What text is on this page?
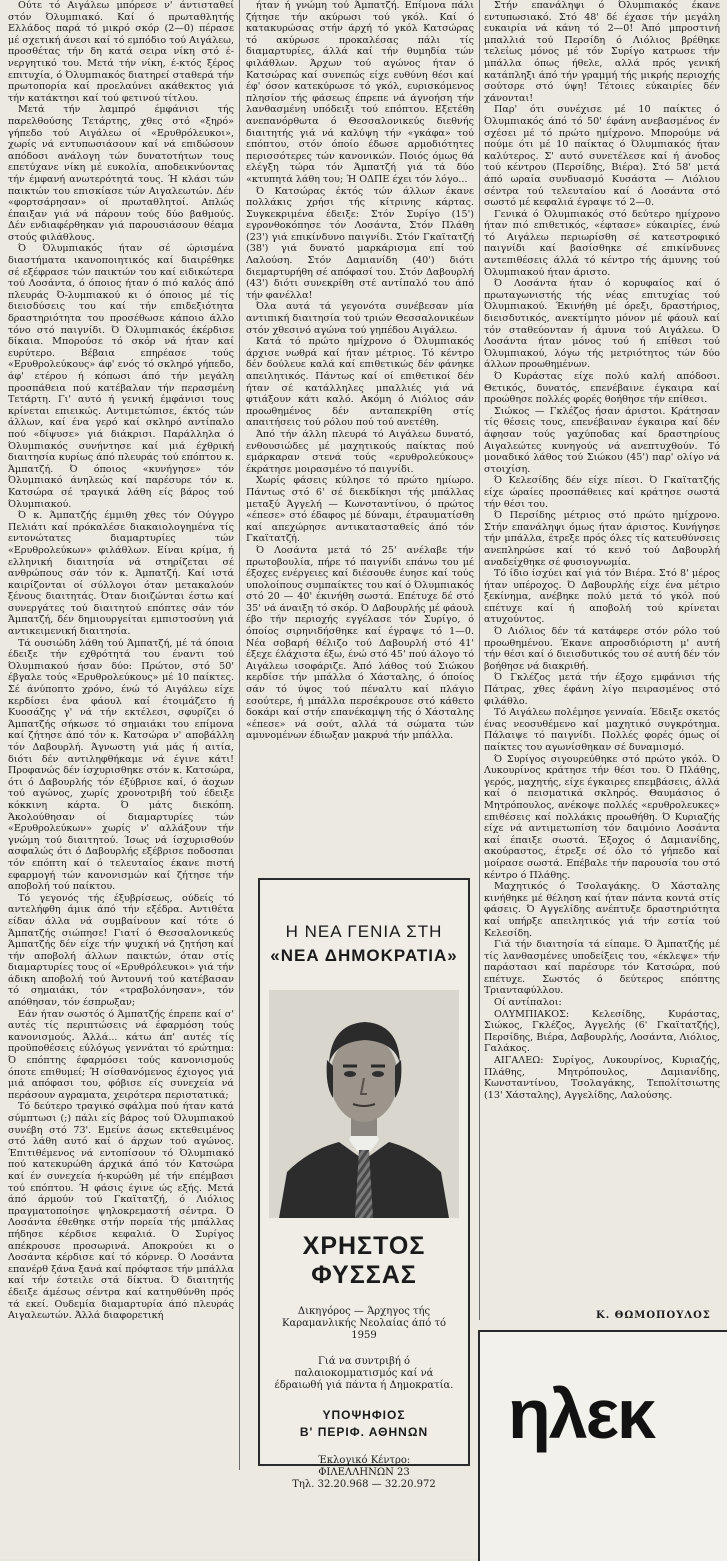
Ούτε τό Αιγάλεω μπόρεσε ν' άντισταθεί στόν Όλυμπιακό. Καί ό πρωταθλητής Ελλάδος παρά τό μικρό σκόρ (2—0) πέρασε μέ σχετική άνεσι καί τό εμπόδιο τού Αιγάλεω, προσθέτας τήν δη κατά σειρα νίκη στό έ-νεργητικό του. Μετά τήν νίκη, έ-κτός ξέρος επιτυχία, ό Όλυμπιακός διατηρεί σταθερά τήν πρωτοπορία καί προελαύνει ακάθεκτος γιά τήν κατάκτησι καί τού φετινού τίτλου.

Μετά τήν λαμπρό έμφάνισι τής παρελθούσης Τετάρτης, χθες στό «ξηρό» γήπεδο τού Αιγάλεω οί «Ερυθρόλευκοι», χωρίς νά εντυπωσιάσουν καί νά επιδώσουν απόδοσι ανάλογη τών δυνατοτήτων τους επετύχανε νίκη μέ ευκολία, αποδεικνύοντας τήν έμφανή ανωτερότητά τους. Ή κλάσι τών παικτών του επισκίασε τών Αιγαλεωτών. Δέν «φορτσάρησαν» οί πρωταθλητοί. Απλώς έπαιξαν γιά νά πάρουν τούς δύο βαθμούς. Δέν ενδιαφέρθηκαν γιά παρουσιάσουν θέαμα στούς φιλάθλους.

Ό Όλυμπιακός ήταν σέ ώρισμένα διαστήματα ικανοποιητικός καί διαιρέθηκε σέ εξέφρασε τών παικτών του καί ειδικώτερα τού Λοσάντα, ό όποιος ήταν ό πιό καλός άπό πλευράς Ό-λυμπιακού κι ό όποιος μέ τίς διεισδύσεις του καί τήν επιδεξιότητα δραστηριότητα του προσέθωσε κάποιο άλλο τόνο στό παιγνίδι. Ό Όλυμπιακός έκέρδισε δίκαια. Μπορούσε τό σκόρ νά ήταν καί ευρύτερο. Βέβαια επηρέασε τούς «Ερυθρολεύκους» άφ' ενός τό σκληρό γήπεδο, άφ' ετέρου ή κόπωσι άπό τήν μεγάλη προσπάθεια πού κατέβαλαν τήν περασμένη Τετάρτη. Γι' αυτό ή γενική έμφάνισι τους κρίνεται επιεικώς. Αντιμετώπισε, έκτός τών άλλων, καί ένα γερό καί σκληρό αντίπαλο πού «δίψυσε» γιά διάκρισι. Παράλληλα ό Όλυμπιακός συνήντησε καί μιά έχθρική διαιτησία κυρίως άπό πλευράς τού επόπτου κ. Άμπατζή. Ό όποιος «κυνήγησε» τόν Όλυμπιακό άνηλεώς καί παρέσυρε τόν κ. Κατσώρα σέ τραγικά λάθη είς βάρος τού Όλυμπιακού.

Ό κ. Άμπατζής έμμιθη χθες τόν Ούγγρο Πελιάτι καί πρόκαλέσε διακαιολογημένα τίς εντονώτατες διαμαρτυρίες τών «Ερυθρολεύκων» φιλάθλων. Είναι κρίμα, ή ελληνική διαιτησία νά στηρίζεται σέ ανθρώπους σάν τόν κ. Άμπατζή. Καί ιστά καιρίζονται οί σύλλογοι όταν μετακαλούν ξένους διαιτητάς. Όταν διοιζώνται έστω καί συνεργάτες τού διαιτητού επόπτες σάν τόν Άμπατζή, δέν δημιουργείται εμπιστοσύνη γιά αντικειμενική διαιτησία.

Τά ουσιώδη λάθη τού Άμπατζή, μέ τά όποια έδειξε τήν εχθρότητά του έναντι τού Όλυμπιακού ήσαν δύο: Πρώτον, στό 50' έβγαλε τούς «Ερυθρολεύκους» μέ 10 παίκτες. Σέ άνύποπτο χρόνο, ένώ τό Αιγάλεω είχε κερδίσει ένα φάουλ καί έτοιμάζετο ή Κυοσάζης γ' νά τήν εκτέλεσι, σφυρίζει ό Άμπατζής σήκωσε τό σημαιάκι του επίμονα καί ζήτησε άπό τόν κ. Κατσώρα ν' αποβάλλη τόν Δαβουρλή. Άγνωστη γιά μάς ή αιτία, διότι δέν αντιληφθήκαμε νά έγινε κάτι! Προφανώς δέν ίσχυρισθηκε στόν κ. Κατσώρα, ότι ό Δαβουρλής τόν έξύβρισε καί, ό άοχων τού αγώνος, χωρίς χρονοτριβή τού έδειξε κόκκινη κάρτα. Ό μάτς διεκόπη. Άκολούθησαν οί διαμαρτυρίες τών «Ερυθρολεύκων» χωρίς ν' αλλάξουν τήν γνώμη τού διαιτητού. Ίσως νά ίσχυρισθούν ασφαλώς ότι ό Δαβουρλής εξέβρισε ποδοσπαι τόν επόπτη καί ό τελευταίος έκανε πιστή εφαρμογή τών κανονισμών καί ζήτησε τήν αποβολή τού παίκτου.

Τό γεγονός τής έξυβρίσεως, ούδείς τό αντελήφθη άμικ άπό τήν εξέδρα. Αντιθέτα είδαν άλλα νά συμβαίνουν καί τότε ό Άμπατζής σιώπησε! Γιατί ό Θεσσαλονικεύς Άμπατζής δέν είχε τήν ψυχική νά ζητήση καί τήν αποβολή άλλων παικτών, όταν στίς διαμαρτυρίες τους οί «Ερυθρόλευκοι» γιά τήν άδικη αποβολή τού Άντουνή τού κατέβασαν τό σημαιάκι, τόν «τραβολόνησαν», τόν απόθησαν, τόν έσπρωξαν;

Εάν ήταν σωστός ό Άμπατζής έπρεπε καί σ' αυτές τίς περιπτώσεις νά έφαρμόση τούς κανονισμούς. Άλλά... κάτω άπ' αυτές τίς προϋποθέσεις εύλόγως γεννάται τό ερώτημα: Ό επόπτης έφαρμόσει τούς κανονισμούς όποτε επιθυμεί; Ή σίσθανόμενος έχιογος γιά μιά απόφασι του, φόβισε είς συνεχεία νά περάσουν αγραματα, χειρότερα περιστατικά;

Τό δεύτερο τραγικό σφάλμα πού ήταν κατά σύμπτωσι (;) πάλι είς βάρος τού Όλυμπιακού συνέβη στό 73'. Εμείνε άσως εκτεθειμένος στό λάθη αυτό καί ό άρχων τού αγώνος. Έπιτιθέμενος νά εντοπίσουν τό Όλυμπιακό πού κατεκυρώθη άρχικά άπό τόν Κατσώρα καί έν συνεχεία ή-κυρώθη μέ τήν επέμβασι τού επόπτου. Ή φάσις έγινε ώς εξής. Μετά άπό άρμούν τού Γκαϊτατζή, ό Λιόλιος πραγματοποίησε ψηλοκρεμαστή σέντρα. Ό Λοσάντα έθεθηκε στήν πορεία τής μπάλλας πήδησε κέρδισε κεφαλιά. Ό Συρίγος απέκρουσε προσωρινά. Αποκρούει κι ο Λοσάντα κέρδισε καί τό κόρνερ. Ό Λοσάντα επανέρθ ξάνα ξανά καί πρόφτασε τήν μπάλλα καί τήν έστειλε στά δίκτυα. Ό διαιτητής έδειξε άμέσως σέντρα καί κατηυθύνθη πρός τά εκεί. Ουδεμία διαμαρτυρία άπό πλευράς Αιγαλεωτών. Άλλά διαφορετική

ήταν ή γνώμη τού Άμπατζή. Επίμονα πάλι ζήτησε τήν ακύρωσι τού γκόλ. Καί ό κατακυρώσας στήν άρχή τό γκόλ Κατσώρας τό ακύρωσε προκαλέσας πάλι τίς διαμαρτυρίες, άλλά καί τήν θυμηδία τών φιλάθλων. Άρχων τού αγώνος ήταν ό Κατσώρας καί συνεπώς είχε ευθύνη θέσι καί έφ' όσον κατεκύρωσε τό γκόλ, ευρισκόμενος πλησίον τής φάσεως έπρεπε νά άγνοήση τήν λανθασμένη υπόδειξι τού επόπτου. Εξετέθη ανεπανόρθωτα ό Θεσσαλονικεύς διεθνής διαιτητής γιά νά καλύψη τήν «γκάφα» τού επόπτου, στόν όποίο έδωσε αρμοδιότητες περισσότερες τών κανονικών. Ποιός όμως θά ελέγξη τώρα τόν Άμπατζή γιά τά δύο «κτυπητά λάθη του; Ή ΟΔΠΕ έχει τόν λόγο...

Ό Κατσώρας έκτός τών άλλων έκανε πολλάκις χρήσι τής κίτρινης κάρτας. Συγκεκριμένα έδειξε: Στόν Συρίγο (15') εγρονθοκόπησε τόν Λοσάντα, Στόν Πλάθη (23') γιά επικίνδυνο παιγνίδι. Στόν Γκαϊτατζή (38') γιά δυνατό μαρκάρισμα επί τού Λαλούση. Στόν Δαμιανίδη (40') διότι διεμαρτυρήθη σέ απόφασί του. Στόν Δαβουρλή (43') διότι συνεκρίθη στέ αντίπαλό του άπό τήν φανέλλα!

Όλα αυτά τά γεγονότα συνέβεσαν μία αντιπική διαιτησία τού τριών Θεσσαλονικέων στόν χθεσινό αγώνα τού γηπέδου Αιγάλεω.

Κατά τό πρώτο ημίχρονο ό Όλυμπιακός άρχισε νωθρά καί ήταν μέτριος. Τό κέντρο δέν δούλευε καλά καί επιθετικώς δέν φάνηκε απειλητικός. Πάντως καί οί επιθετικοί δέν ήταν σέ κατάλληλες μπαλλιές γιά νά φτιάξουν κάτι καλό. Ακόμη ό Λιόλιος σάν προωθημένος δέν ανταπεκρίθη στίς απαιτήσεις τού ρόλου πού τού ανετέθη.

Άπό τήν άλλη πλευρά τό Αιγάλεω δυνατό, ενθουσιώδες μέ μαχητικούς παίκτας πού εμάρκαραν στενά τούς «ερυθρολεύκους» έκράτησε μοιρασμένο τό παιγνίδι.

Χωρίς φάσεις κύλησε τό πρώτο ημίωρο. Πάντως στό 6' σέ διεκδίκησι τής μπάλλας μεταξύ Άγγελή — Κωνσταντίνου, ό πρώτος «έπεσε» στό έδαφος μέ δύναμι, έτραυματίσθη καί απεχώρησε αντικατασταθείς άπό τόν Γκαϊτατζή.

Ό Λοσάντα μετά τό 25' ανέλαβε τήν πρωτοβουλία, πήρε τό παιγνίδι επάνω του μέ έξοχες ενέργειες καί διέσουθε έυησε καί τούς υπολοίπους συμπαίκτες του καί ό Όλυμπιακός στό 20 — 40' έκινήθη σωστά. Επέτυχε δέ στό 35' νά άναιξη τό σκόρ. Ό Δαβουρλής μέ φάουλ έβο τήν περιοχής εγγέλασε τόν Συρίγο, ό όποίος σιρηνιδήσθηκε καί έγραψε τό 1—0. Νέα σοβαρή θέλιζο τού Δαβουρλή στό 41' έξεχε έλάχιστα έξω, ένώ στό 45' πού άλογο τό Αιγάλεω ισοφάριζε. Άπό λάθος τού Σιώκου κερδίσε τήν μπάλλα ό Χάσταλης, ό όποίος σάν τό ύψος τού πέναλτυ καί πλάγιο εσούτερε, ή μπάλλα περσέκρουσε στό κάθετο δοκάρι καί στήν επανέκαμψη τής ό Χάσταλης «έπεσε» νά σούτ, αλλά τά σώματα τών αμυνομένων έδιωξαν μακρυά τήν μπάλλα.

Στήν επανάληψι ό Όλυμπιακός έκανε εντυπωσιακό. Στό 48' δέ έχασε τήν μεγάλη ευκαιρία νά κάνη τό 2—0! Άπό μπροστινή μπαλλιά τού Περσίδη ό Λιόλιος βρέθηκε τελείως μόνος μέ τόν Συρίγο κατρωσε τήν μπάλλα όπως ήθελε, αλλά πρός γενική κατάπληξι άπό τήν γραμμή τής μικρής περιοχής σούτσρε στό ύψη! Τέτοιες εύκαιρίες δέν χάνονται!

Παρ' ότι συνέχισε μέ 10 παίκτες ό Όλυμπιακός άπό τό 50' έφάνη ανεβασμένος έν σχέσει μέ τό πρώτο ημίχρονο. Μπορούμε νά πούμε ότι μέ 10 παίκτας ό Όλυμπιακός ήταν καλύτερος. Σ' αυτό συνετέλεσε καί ή άνοδος τού κέντρου (Περσίδης, Βιέρα). Στό 58' μετά άπό ωραία συνδυασμό Κυσάστα — Λιόλιου σέντρα τού τελευταίου καί ό Λοσάντα στό σωστό μέ κεφαλιά έγραψε τό 2—0.

Γενικά ό Όλυμπιακός στό δεύτερο ημίχρονο ήταν πιό επιθετικός, «έφτασε» εύκαιρίες, ένώ τό Αιγάλεω περιωρίσθη σέ κατεστροφικό παιγνίδι καί βασίσθηκε σέ επικίνδυνες αντεπιθέσεις άλλά τό κέντρο τής άμυνης τού Όλυμπιακού ήταν άριστο.

Ό Λοσάντα ήταν ό κορυφαίος καί ό πρωταγωνιστής τής νέας επιτυχίας τού Όλυμπιακού. Έκινήθη μέ όρεξι, δραστήριος, διεισδυτικός, ανεκτίμητο μόνον μέ φάουλ καί τόν σταθεύονταν ή άμυνα τού Αιγάλεω. Ό Λοσάντα ήταν μόνος τού ή επίθεσι τού Όλυμπιακού, λόγω τής μετριότητος τών δύο άλλων προωθημένων.

Ό Κυράστας είχε πολύ καλή απόδοσι. Θετικός, δυνατός, επενέβαινε έγκαιρα καί προώθησε πολλές φορές θοήθησε τήν επίθεσι.

Σιώκος — Γκλέζος ήσαν άριστοι. Κράτησαν τίς θέσεις τους, επενέβαιναν έγκαιρα καί δέν άφησαν τούς γαχύποδας καί δραστηρίους Αιγαλεώτες κυνηγούς νά ανεπτυχθούν. Τό μοναδικό λάθος τού Σιώκου (45') παρ' ολίγο νά στοιχίση.

Ό Κελεσίδης δέν είχε πίεσι. Ό Γκαϊτατζής είχε ώραίες προσπάθειες καί κράτησε σωστά τήν θέσι του.

Ό Περσίδης μέτριος στό πρώτο ημίχρονο. Στήν επανάληψι όμως ήταν άριστος. Κυνήγησε τήν μπάλλα, έτρεξε πρός όλες τίς κατευθύνσεις ανεπληρώσε καί τό κενό τού Δαβουρλή αναδείχθηκε σέ φυσιογνωμία.

Τό ίδιο ίσχύει καί γιά τόν Βιέρα. Στό 8' μέρος ήταν υπέροχος. Ό Δαβουρλής είχε ένα μέτριο ξεκίνημα, ανέβηκε πολύ μετά τό γκόλ πού επέτυχε καί ή αποβολή τού κρίνεται ατυχούντος.

Ό Λιόλιος δέν τά κατάφερε στόν ρόλο τού προωθημένου. Έκανε απροσδιόριστη μ' αυτή τήν θέσι καί ό διεισδυτικός του σέ αυτή δέν τόν βοήθησε νά διακριθή.

Ό Γκλέζος μετά τήν έξοχο εμφάνισι τής Πάτρας, χθες έφάνη λίγο πειρασμένος στό φιλάθλο.

Τό Αιγάλεω πολέμησε γενναία. Έδειξε σκετός ένας νεοσυθέμενο καί μαχητικό συγκρότημα. Πάλαιψε τό παιγνίδι. Πολλές φορές όμως οί παίκτες του αγωνίσθηκαν σέ δυναμισμό.

Ό Συρίγος σιγουρεύθηκε στό πρώτο γκόλ. Ό Λυκουρίνος κράτησε τήν θέσι του. Ό Πλάθης, γερός, μαχητής, είχε έγκαιρες επεμβάσεις, άλλά καί ό πεισματικά σκληρός. Θαυμάσιος ό Μητρόπουλος, ανέκοψε πολλές «ερυθρολευκες» επιθέσεις καί πολλάκις προωθήθη. Ό Κυριαζής είχε νά αντιμετωπίση τόν δαιμόνιο Λοσάντα καί έπαιξε σωστά. Έξοχος ό Δαμιανίδης, ακούραστος, έτρεξε σέ όλο τό γήπεδο καί μοίρασε σωστά. Επέβαλε τήν παρουσία του στό κέντρο ό Πλάθης.

Μαχητικός ό Τσολαγάκης. Ό Χάσταλης κινήθηκε μέ θέληση καί ήταν πάντα κοντά στίς φάσεις. Ό Αγγελίδης ανέπτυξε δραστηριότητα καί υπήρξε απειλητικός γιά τήν εστία τού Κελεσίδη.

Γιά τήν διαιτησία τά είπαμε. Ό Άμπατζής μέ τίς λανθασμένες υποδείξεις του, «έκλεψε» τήν παράστασι καί παρέσυρε τόν Κατσώρα, πού επέτυχε. Σωστός ό δεύτερος επόπτης Τριανταφύλλου.

Οί αντίπαλοι:

ΟΛΥΜΠΙΑΚΟΣ: Κελεσίδης, Κυράστας, Σιώκος, Γκλέζος, Άγγελής (6' Γκαϊτατζής), Περσίδης, Βιέρα, Δαβουρλής, Λοσάντα, Λιόλιος, Γαλάκος.

ΑΙΓΑΛΕΩ: Συρίγος, Λυκουρίνος, Κυριαζής, Πλάθης, Μητρόπουλος, Δαμιανίδης, Κωνσταντίνου, Τσολαγάκης, Τεπολίτσιωτης (13' Χάσταλης), Αγγελίδης, Λαλούσης.

Κ. ΘΩΜΟΠΟΥΛΟΣ
Η ΝΕΑ ΓΕΝΙΑ ΣΤΗ
«ΝΕΑ ΔΗΜΟΚΡΑΤΙΑ»
ΧΡΗΣΤΟΣ ΦΥΣΣΑΣ
Δικηγόρος — Άρχηγος τής Καραμανλικής Νεολαίας άπό τό 1959
Γιά να συντριβή ό παλαιοκομματισμός καί νά έδραιωθή γιά πάντα ή Δημοκρατία.
ΥΠΟΨΗΦΙΟΣ
Β' ΠΕΡΙΦ. ΑΘΗΝΩΝ
Έκλογικό Κέντρο:
ΦΙΛΕΛΛΗΝΩΝ 23
Τηλ. 32.20.968 — 32.20.972
ηλεκ
